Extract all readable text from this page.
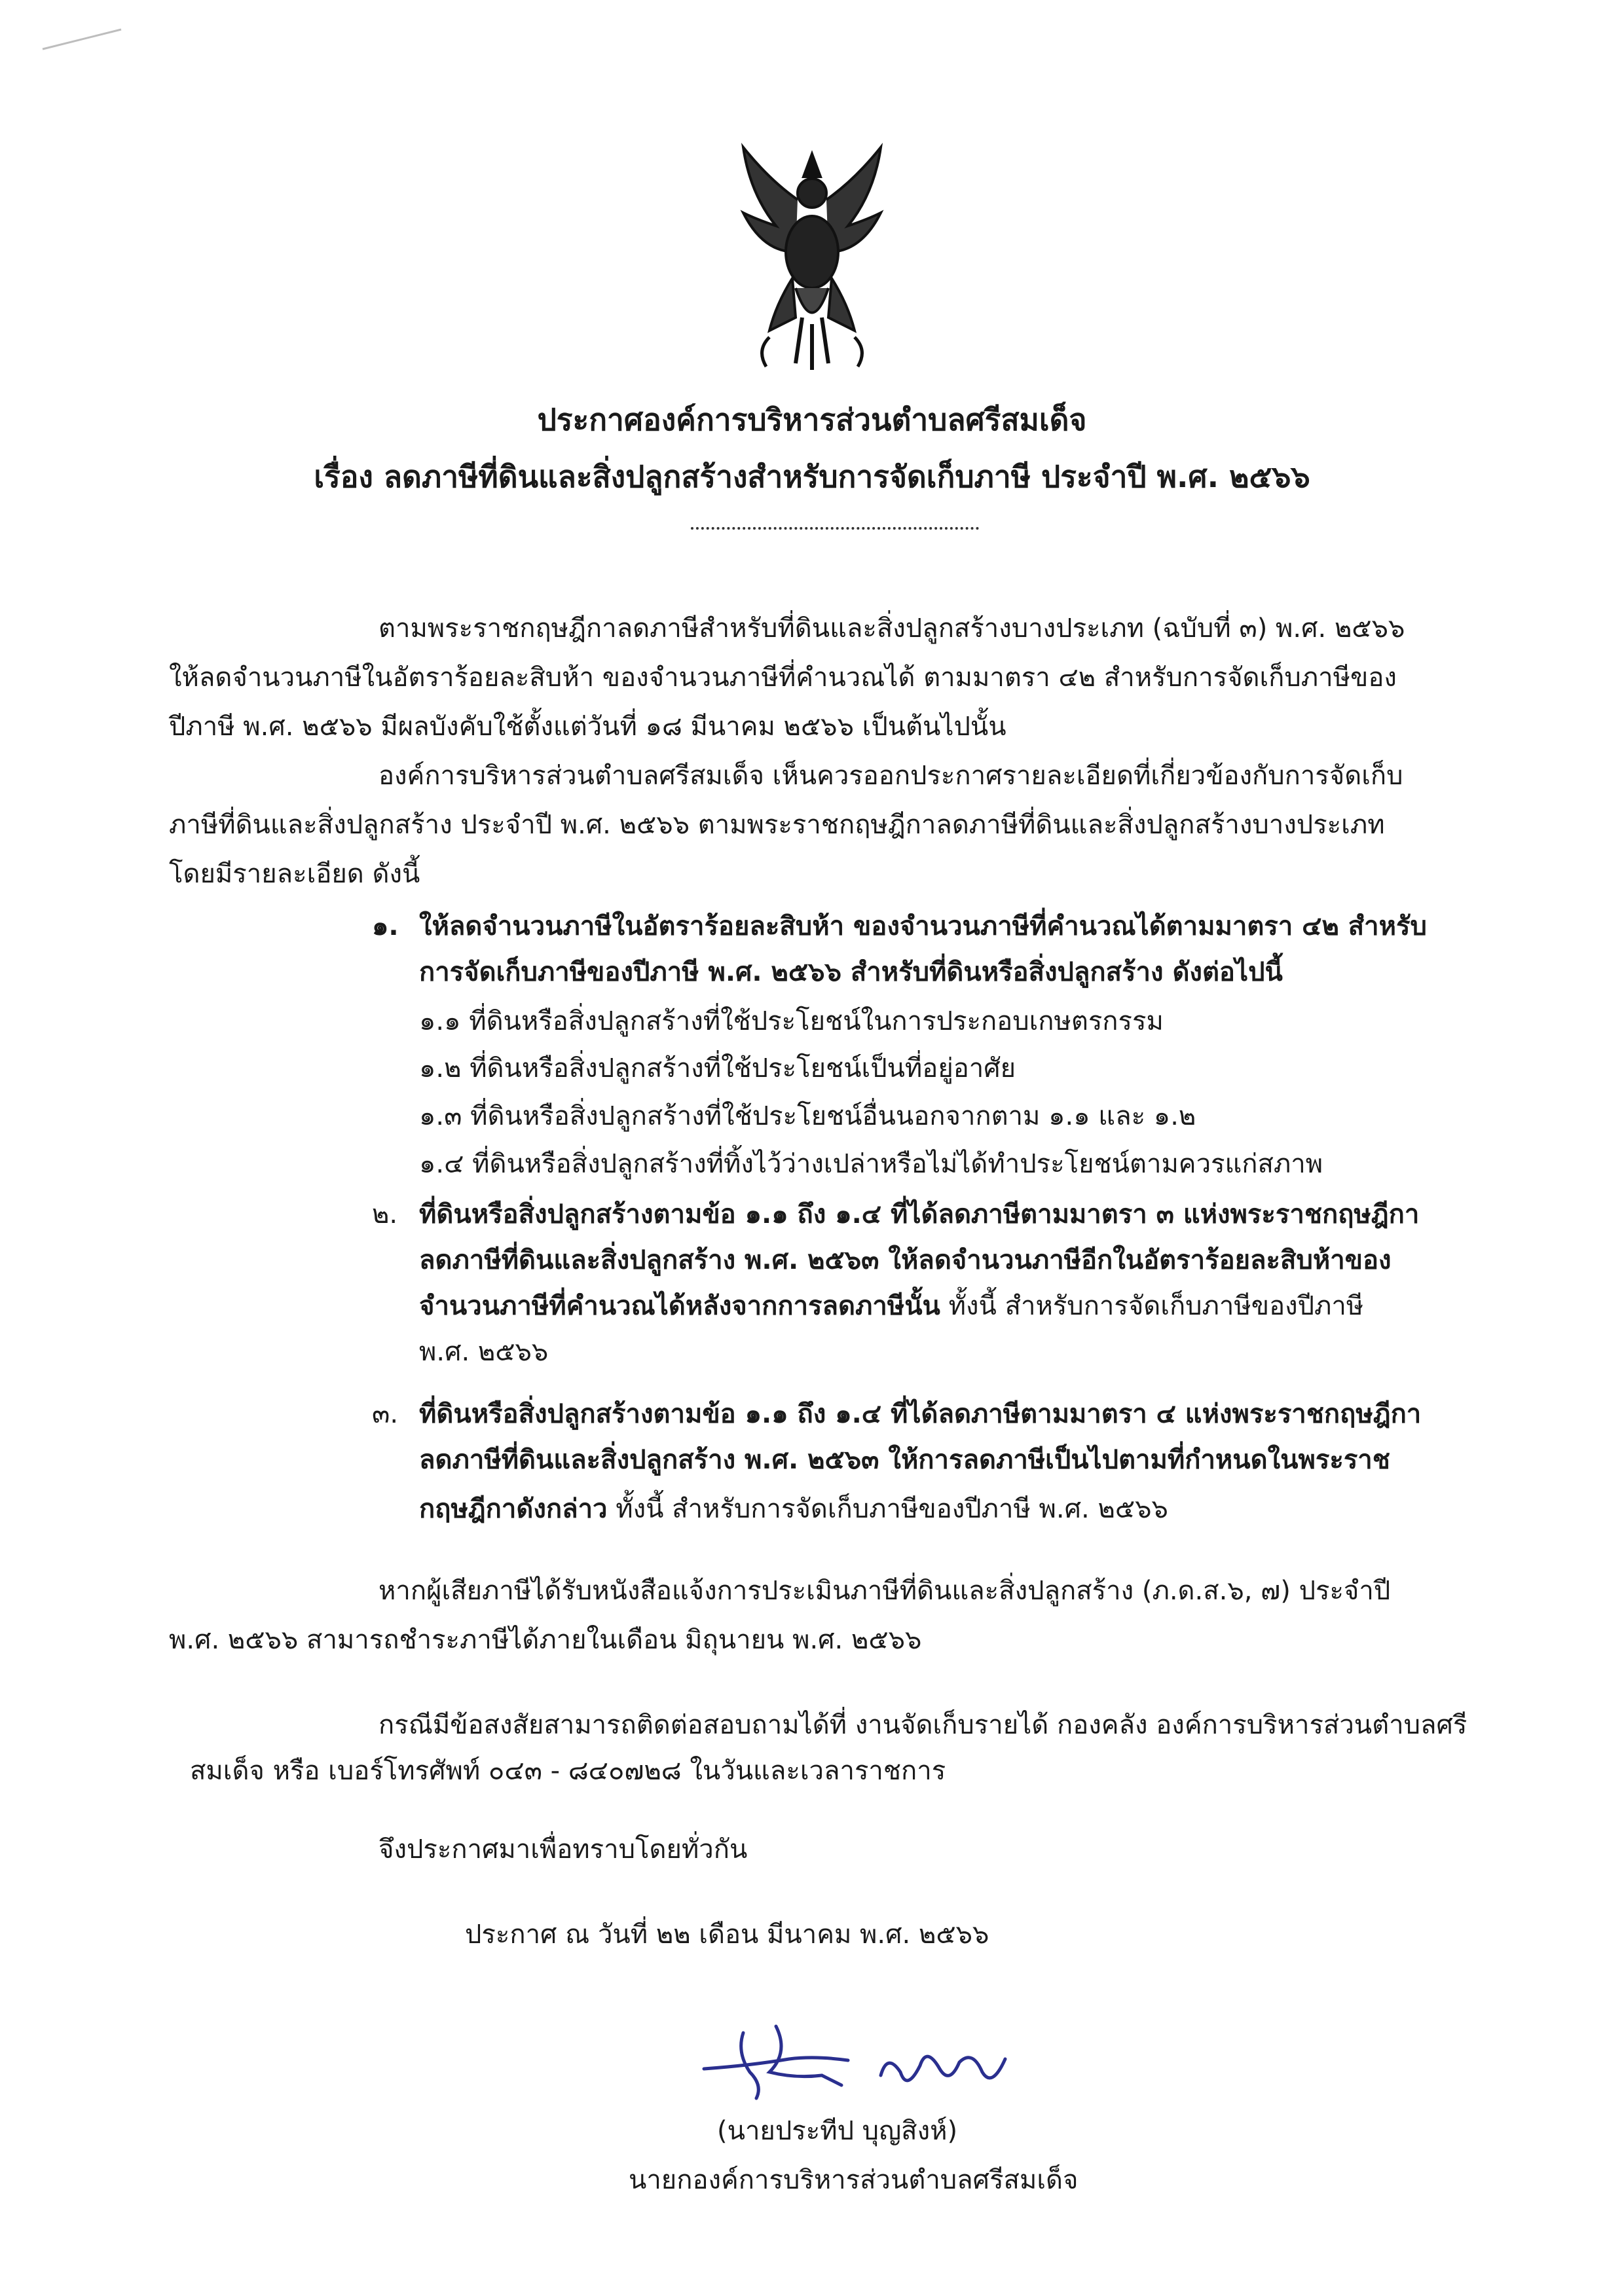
ประกาศองค์การบริหารส่วนตำบลศรีสมเด็จ
เรื่อง ลดภาษีที่ดินและสิ่งปลูกสร้างสำหรับการจัดเก็บภาษี ประจำปี พ.ศ. ๒๕๖๖
ตามพระราชกฤษฎีกาลดภาษีสำหรับที่ดินและสิ่งปลูกสร้างบางประเภท (ฉบับที่ ๓) พ.ศ. ๒๕๖๖
ให้ลดจำนวนภาษีในอัตราร้อยละสิบห้า ของจำนวนภาษีที่คำนวณได้ ตามมาตรา ๔๒ สำหรับการจัดเก็บภาษีของ
ปีภาษี พ.ศ. ๒๕๖๖ มีผลบังคับใช้ตั้งแต่วันที่ ๑๘ มีนาคม ๒๕๖๖ เป็นต้นไปนั้น
องค์การบริหารส่วนตำบลศรีสมเด็จ เห็นควรออกประกาศรายละเอียดที่เกี่ยวข้องกับการจัดเก็บ
ภาษีที่ดินและสิ่งปลูกสร้าง ประจำปี พ.ศ. ๒๕๖๖ ตามพระราชกฤษฎีกาลดภาษีที่ดินและสิ่งปลูกสร้างบางประเภท
โดยมีรายละเอียด ดังนี้
๑. ให้ลดจำนวนภาษีในอัตราร้อยละสิบห้า ของจำนวนภาษีที่คำนวณได้ตามมาตรา ๔๒ สำหรับ
การจัดเก็บภาษีของปีภาษี พ.ศ. ๒๕๖๖ สำหรับที่ดินหรือสิ่งปลูกสร้าง ดังต่อไปนี้
๑.๑ ที่ดินหรือสิ่งปลูกสร้างที่ใช้ประโยชน์ในการประกอบเกษตรกรรม
๑.๒ ที่ดินหรือสิ่งปลูกสร้างที่ใช้ประโยชน์เป็นที่อยู่อาศัย
๑.๓ ที่ดินหรือสิ่งปลูกสร้างที่ใช้ประโยชน์อื่นนอกจากตาม ๑.๑ และ ๑.๒
๑.๔ ที่ดินหรือสิ่งปลูกสร้างที่ทิ้งไว้ว่างเปล่าหรือไม่ได้ทำประโยชน์ตามควรแก่สภาพ
๒. ที่ดินหรือสิ่งปลูกสร้างตามข้อ ๑.๑ ถึง ๑.๔ ที่ได้ลดภาษีตามมาตรา ๓ แห่งพระราชกฤษฎีกา
ลดภาษีที่ดินและสิ่งปลูกสร้าง พ.ศ. ๒๕๖๓ ให้ลดจำนวนภาษีอีกในอัตราร้อยละสิบห้าของ
จำนวนภาษีที่คำนวณได้หลังจากการลดภาษีนั้น ทั้งนี้ สำหรับการจัดเก็บภาษีของปีภาษี
พ.ศ. ๒๕๖๖
๓. ที่ดินหรือสิ่งปลูกสร้างตามข้อ ๑.๑ ถึง ๑.๔ ที่ได้ลดภาษีตามมาตรา ๔ แห่งพระราชกฤษฎีกา
ลดภาษีที่ดินและสิ่งปลูกสร้าง พ.ศ. ๒๕๖๓ ให้การลดภาษีเป็นไปตามที่กำหนดในพระราช
กฤษฎีกาดังกล่าว ทั้งนี้ สำหรับการจัดเก็บภาษีของปีภาษี พ.ศ. ๒๕๖๖
หากผู้เสียภาษีได้รับหนังสือแจ้งการประเมินภาษีที่ดินและสิ่งปลูกสร้าง (ภ.ด.ส.๖, ๗) ประจำปี
พ.ศ. ๒๕๖๖ สามารถชำระภาษีได้ภายในเดือน มิถุนายน พ.ศ. ๒๕๖๖
กรณีมีข้อสงสัยสามารถติดต่อสอบถามได้ที่ งานจัดเก็บรายได้ กองคลัง องค์การบริหารส่วนตำบลศรี
สมเด็จ หรือ เบอร์โทรศัพท์ ๐๔๓ - ๘๔๐๗๒๘ ในวันและเวลาราชการ
จึงประกาศมาเพื่อทราบโดยทั่วกัน
ประกาศ ณ วันที่ ๒๒ เดือน มีนาคม พ.ศ. ๒๕๖๖
(นายประทีป บุญสิงห์)
นายกองค์การบริหารส่วนตำบลศรีสมเด็จ
